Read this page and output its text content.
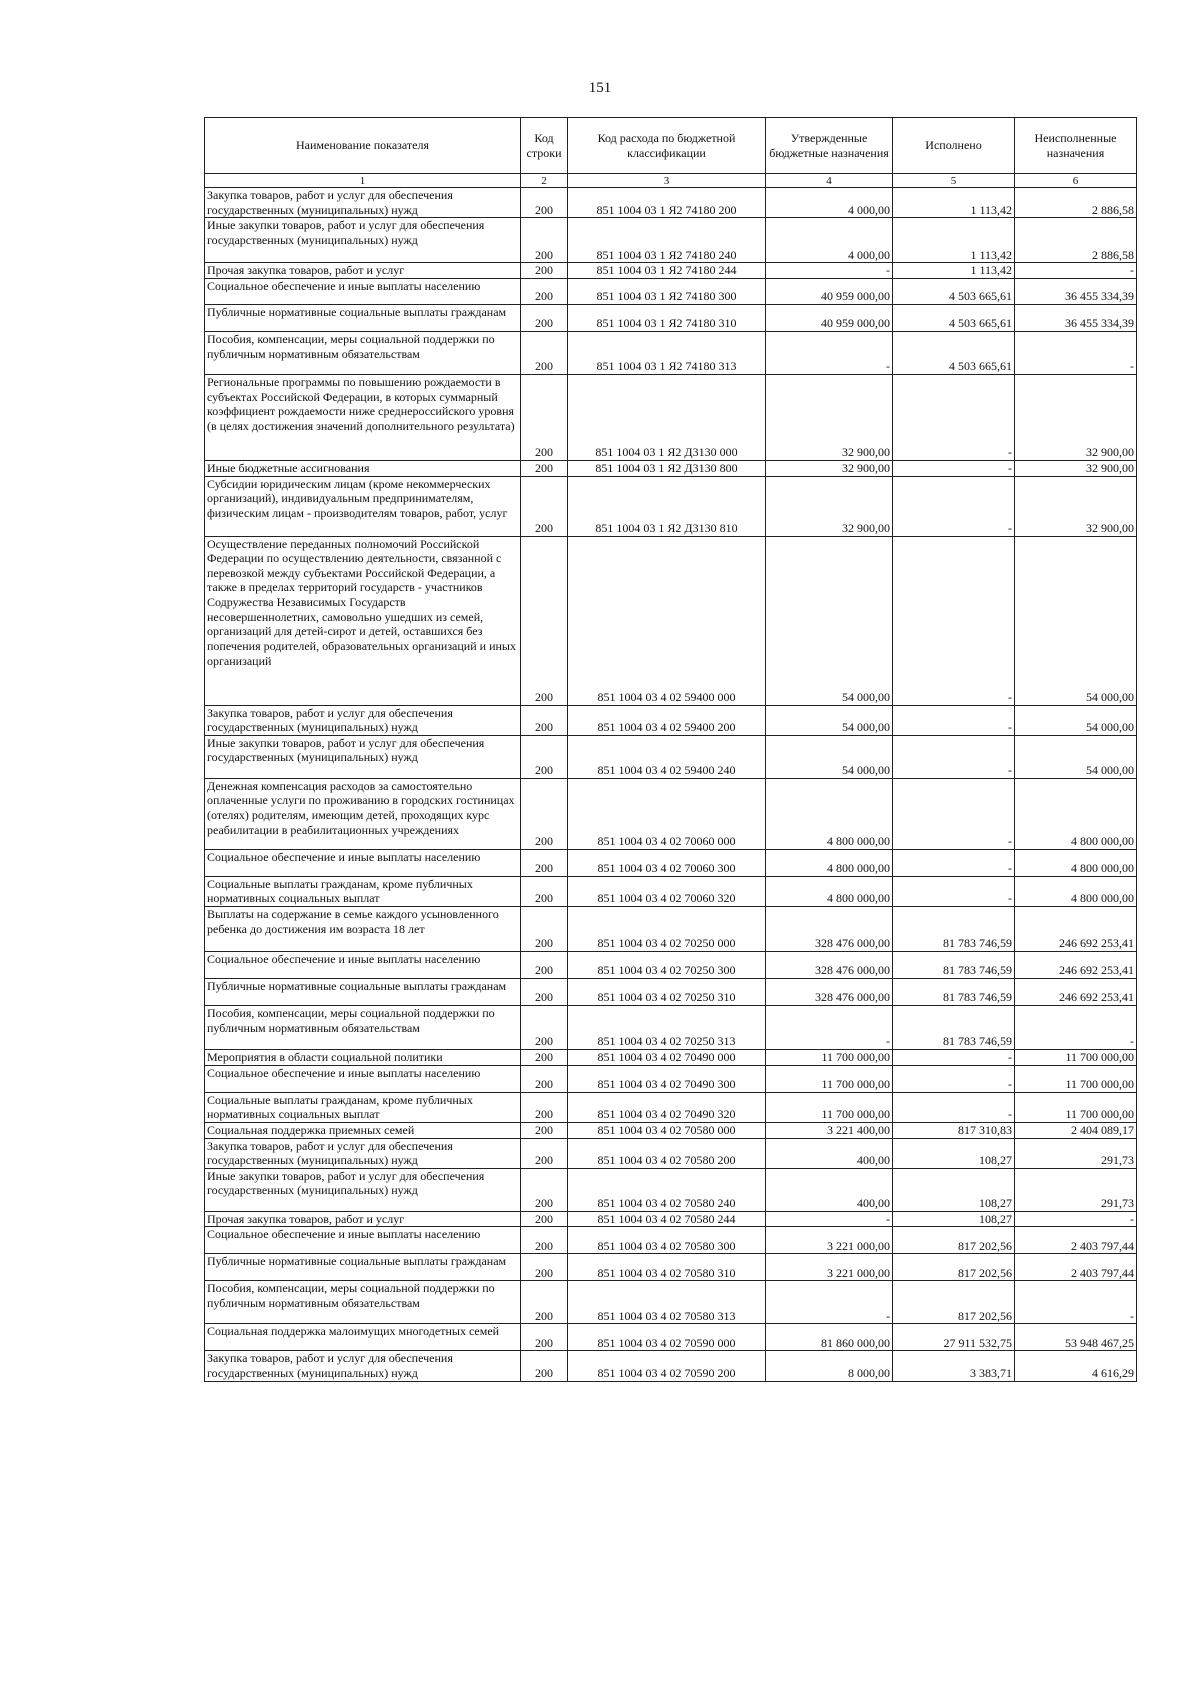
151
Наименование показателя	Код строки	Код расхода по бюджетной классификации	Утвержденные бюджетные назначения	Исполнено	Неисполненные назначения
1	2	3	4	5	6
Закупка товаров, работ и услуг для обеспечения государственных (муниципальных) нужд	200	851 1004 03 1 Я2 74180 200	4 000,00	1 113,42	2 886,58
Иные закупки товаров, работ и услуг для обеспечения государственных (муниципальных) нужд	200	851 1004 03 1 Я2 74180 240	4 000,00	1 113,42	2 886,58
Прочая закупка товаров, работ и услуг	200	851 1004 03 1 Я2 74180 244	-	1 113,42	-
Социальное обеспечение и иные выплаты населению	200	851 1004 03 1 Я2 74180 300	40 959 000,00	4 503 665,61	36 455 334,39
Публичные нормативные социальные выплаты гражданам	200	851 1004 03 1 Я2 74180 310	40 959 000,00	4 503 665,61	36 455 334,39
Пособия, компенсации, меры социальной поддержки по публичным нормативным обязательствам	200	851 1004 03 1 Я2 74180 313	-	4 503 665,61	-
Региональные программы по повышению рождаемости в субъектах Российской Федерации, в которых суммарный коэффициент рождаемости ниже среднероссийского уровня (в целях достижения значений дополнительного результата)	200	851 1004 03 1 Я2 Д3130 000	32 900,00	-	32 900,00
Иные бюджетные ассигнования	200	851 1004 03 1 Я2 Д3130 800	32 900,00	-	32 900,00
Субсидии юридическим лицам (кроме некоммерческих организаций), индивидуальным предпринимателям, физическим лицам - производителям товаров, работ, услуг	200	851 1004 03 1 Я2 Д3130 810	32 900,00	-	32 900,00
Осуществление переданных полномочий Российской Федерации по осуществлению деятельности, связанной с перевозкой между субъектами Российской Федерации, а также в пределах территорий государств - участников Содружества Независимых Государств несовершеннолетних, самовольно ушедших из семей, организаций для детей-сирот и детей, оставшихся без попечения родителей, образовательных организаций и иных организаций	200	851 1004 03 4 02 59400 000	54 000,00	-	54 000,00
Закупка товаров, работ и услуг для обеспечения государственных (муниципальных) нужд	200	851 1004 03 4 02 59400 200	54 000,00	-	54 000,00
Иные закупки товаров, работ и услуг для обеспечения государственных (муниципальных) нужд	200	851 1004 03 4 02 59400 240	54 000,00	-	54 000,00
Денежная компенсация расходов за самостоятельно оплаченные услуги по проживанию в городских гостиницах (отелях) родителям, имеющим детей, проходящих курс реабилитации в реабилитационных учреждениях	200	851 1004 03 4 02 70060 000	4 800 000,00	-	4 800 000,00
Социальное обеспечение и иные выплаты населению	200	851 1004 03 4 02 70060 300	4 800 000,00	-	4 800 000,00
Социальные выплаты гражданам, кроме публичных нормативных социальных выплат	200	851 1004 03 4 02 70060 320	4 800 000,00	-	4 800 000,00
Выплаты на содержание в семье каждого усыновленного ребенка до достижения им возраста 18 лет	200	851 1004 03 4 02 70250 000	328 476 000,00	81 783 746,59	246 692 253,41
Социальное обеспечение и иные выплаты населению	200	851 1004 03 4 02 70250 300	328 476 000,00	81 783 746,59	246 692 253,41
Публичные нормативные социальные выплаты гражданам	200	851 1004 03 4 02 70250 310	328 476 000,00	81 783 746,59	246 692 253,41
Пособия, компенсации, меры социальной поддержки по публичным нормативным обязательствам	200	851 1004 03 4 02 70250 313	-	81 783 746,59	-
Мероприятия в области социальной политики	200	851 1004 03 4 02 70490 000	11 700 000,00	-	11 700 000,00
Социальное обеспечение и иные выплаты населению	200	851 1004 03 4 02 70490 300	11 700 000,00	-	11 700 000,00
Социальные выплаты гражданам, кроме публичных нормативных социальных выплат	200	851 1004 03 4 02 70490 320	11 700 000,00	-	11 700 000,00
Социальная поддержка приемных семей	200	851 1004 03 4 02 70580 000	3 221 400,00	817 310,83	2 404 089,17
Закупка товаров, работ и услуг для обеспечения государственных (муниципальных) нужд	200	851 1004 03 4 02 70580 200	400,00	108,27	291,73
Иные закупки товаров, работ и услуг для обеспечения государственных (муниципальных) нужд	200	851 1004 03 4 02 70580 240	400,00	108,27	291,73
Прочая закупка товаров, работ и услуг	200	851 1004 03 4 02 70580 244	-	108,27	-
Социальное обеспечение и иные выплаты населению	200	851 1004 03 4 02 70580 300	3 221 000,00	817 202,56	2 403 797,44
Публичные нормативные социальные выплаты гражданам	200	851 1004 03 4 02 70580 310	3 221 000,00	817 202,56	2 403 797,44
Пособия, компенсации, меры социальной поддержки по публичным нормативным обязательствам	200	851 1004 03 4 02 70580 313	-	817 202,56	-
Социальная поддержка малоимущих многодетных семей	200	851 1004 03 4 02 70590 000	81 860 000,00	27 911 532,75	53 948 467,25
Закупка товаров, работ и услуг для обеспечения государственных (муниципальных) нужд	200	851 1004 03 4 02 70590 200	8 000,00	3 383,71	4 616,29
